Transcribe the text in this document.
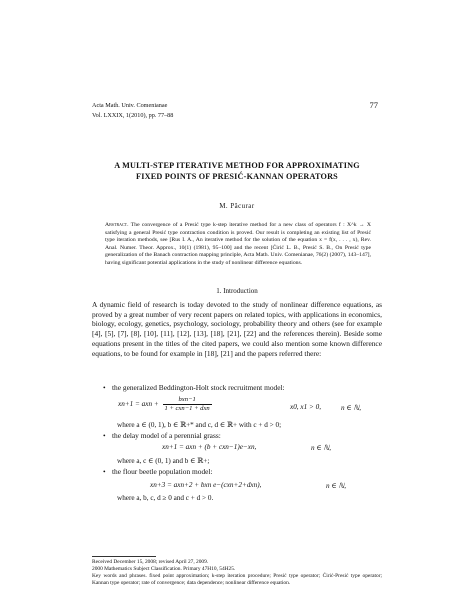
Acta Math. Univ. Comenianae
Vol. LXXIX, 1(2010), pp. 77–88
77
A MULTI-STEP ITERATIVE METHOD FOR APPROXIMATING
FIXED POINTS OF PRESIĆ-KANNAN OPERATORS
M. Păcurar
Abstract. The convergence of a Presić type k-step iterative method for a new class of operators f : X^k → X satisfying a general Presić type contraction condition is proved. Our result is completing an existing list of Presić type iteration methods, see [Rus I. A., An iterative method for the solution of the equation x = f(x, . . . , x), Rev. Anal. Numer. Theor. Approx., 10(1) (1981), 95–100] and the recent [Ćirić L. B., Presić S. B., On Presić type generalization of the Banach contraction mapping principle, Acta Math. Univ. Comenianae, 76(2) (2007), 143–147], having significant potential applications in the study of nonlinear difference equations.
1. Introduction
A dynamic field of research is today devoted to the study of nonlinear difference equations, as proved by a great number of very recent papers on related topics, with applications in economics, biology, ecology, genetics, psychology, sociology, probability theory and others (see for example [4], [5], [7], [8], [10], [11], [12], [13], [18], [21], [22] and the references therein). Beside some equations present in the titles of the cited papers, we could also mention some known difference equations, to be found for example in [18], [21] and the papers referred there:
• the generalized Beddington-Holt stock recruitment model:
xn+1 = axn + $\frac{\text{bxn−1}}{\text{1 + cxn−1 + dxn}}$	x0, x1 > 0,	n ∈ ℕ,
where a ∈ (0, 1), b ∈ ℝ+* and c, d ∈ ℝ+ with c + d > 0;
• the delay model of a perennial grass:
xn+1 = axn + (b + cxn−1)e−xn,	n ∈ ℕ,
where a, c ∈ (0, 1) and b ∈ ℝ+;
• the flour beetle population model:
xn+3 = axn+2 + bxn e−(cxn+2+dxn),	n ∈ ℕ,
where a, b, c, d ≥ 0 and c + d > 0.
Received December 15, 2008; revised April 27, 2009.
2000 Mathematics Subject Classification. Primary 47H10, 54H25.
Key words and phrases. fixed point approximation; k-step iteration procedure; Presić type operator; Ćirić-Presić type operator; Kannan type operator; rate of convergence; data dependence; nonlinear difference equation.
